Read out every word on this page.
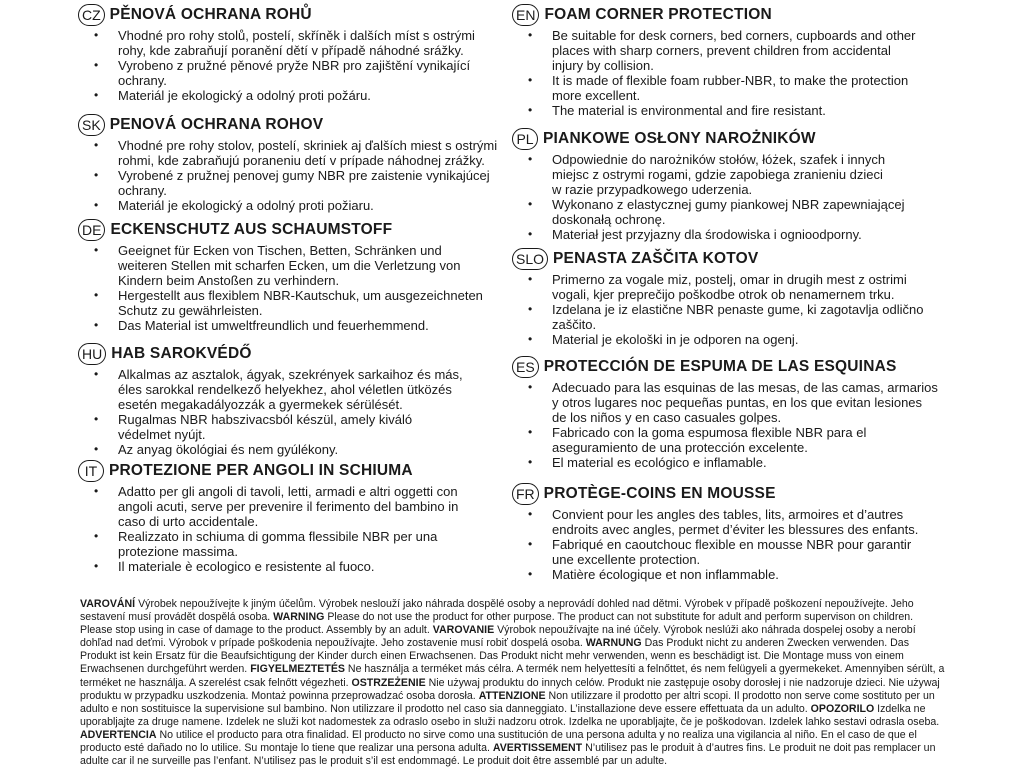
CZ PĚNOVÁ OCHRANA ROHŮ
• Vhodné pro rohy stolů, postelí, skříněk i dalších míst s ostrými
rohy, kde zabraňují poranění dětí v případě náhodné srážky.
• Vyrobeno z pružné pěnové pryže NBR pro zajištění vynikající
ochrany.
• Materiál je ekologický a odolný proti požáru.
SK PENOVÁ OCHRANA ROHOV
• Vhodné pre rohy stolov, postelí, skriniek aj ďalších miest s ostrými
rohmi, kde zabraňujú poraneniu detí v prípade náhodnej zrážky.
• Vyrobené z pružnej penovej gumy NBR pre zaistenie vynikajúcej
ochrany.
• Materiál je ekologický a odolný proti požiaru.
DE ECKENSCHUTZ AUS SCHAUMSTOFF
• Geeignet für Ecken von Tischen, Betten, Schränken und
weiteren Stellen mit scharfen Ecken, um die Verletzung von
Kindern beim Anstoßen zu verhindern.
• Hergestellt aus flexiblem NBR-Kautschuk, um ausgezeichneten
Schutz zu gewährleisten.
• Das Material ist umweltfreundlich und feuerhemmend.
HU HAB SAROKVÉDŐ
• Alkalmas az asztalok, ágyak, szekrények sarkaihoz és más,
éles sarokkal rendelkező helyekhez, ahol véletlen ütközés
esetén megakadályozzák a gyermekek sérülését.
• Rugalmas NBR habszivacsból készül, amely kiváló
védelmet nyújt.
• Az anyag ökológiai és nem gyúlékony.
IT PROTEZIONE PER ANGOLI IN SCHIUMA
• Adatto per gli angoli di tavoli, letti, armadi e altri oggetti con
angoli acuti, serve per prevenire il ferimento del bambino in
caso di urto accidentale.
• Realizzato in schiuma di gomma flessibile NBR per una
protezione massima.
• Il materiale è ecologico e resistente al fuoco.
EN FOAM CORNER PROTECTION
• Be suitable for desk corners, bed corners, cupboards and other
places with sharp corners, prevent children from accidental
injury by collision.
• It is made of flexible foam rubber-NBR, to make the protection
more excellent.
• The material is environmental and fire resistant.
PL PIANKOWE OSŁONY NAROŻNIKÓW
• Odpowiednie do narożników stołów, łóżek, szafek i innych
miejsc z ostrymi rogami, gdzie zapobiega zranieniu dzieci
w razie przypadkowego uderzenia.
• Wykonano z elastycznej gumy piankowej NBR zapewniającej
doskonałą ochronę.
• Materiał jest przyjazny dla środowiska i ognioodporny.
SLO PENASTA ZAŠČITA KOTOV
• Primerno za vogale miz, postelj, omar in drugih mest z ostrimi
vogali, kjer preprečijo poškodbe otrok ob nenamernem trku.
• Izdelana je iz elastične NBR penaste gume, ki zagotavlja odlično
zaščito.
• Material je ekološki in je odporen na ogenj.
ES PROTECCIÓN DE ESPUMA DE LAS ESQUINAS
• Adecuado para las esquinas de las mesas, de las camas, armarios
y otros lugares noc pequeñas puntas, en los que evitan lesiones
de los niños y en caso casuales golpes.
• Fabricado con la goma espumosa flexible NBR para el
aseguramiento de una protección excelente.
• El material es ecológico e inflamable.
FR PROTÈGE-COINS EN MOUSSE
• Convient pour les angles des tables, lits, armoires et d’autres
endroits avec angles, permet d’éviter les blessures des enfants.
• Fabriqué en caoutchouc flexible en mousse NBR pour garantir
une excellente protection.
• Matière écologique et non inflammable.
VAROVÁNÍ Výrobek nepoužívejte k jiným účelům. Výrobek neslouží jako náhrada dospělé osoby a neprovádí dohled nad dětmi. Výrobek v případě poškození nepoužívejte. Jeho sestavení musí provádět dospělá osoba. WARNING Please do not use the product for other purpose. The product can not substitute for adult and perform supervison on children. Please stop using in case of damage to the product. Assembly by an adult. VAROVANIE Výrobok nepoužívajte na iné účely. Výrobok neslúži ako náhrada dospelej osoby a nerobí dohľad nad deťmi. Výrobok v prípade poškodenia nepoužívajte. Jeho zostavenie musí robiť dospelá osoba. WARNUNG Das Produkt nicht zu anderen Zwecken verwenden. Das Produkt ist kein Ersatz für die Beaufsichtigung der Kinder durch einen Erwachsenen. Das Produkt nicht mehr verwenden, wenn es beschädigt ist. Die Montage muss von einem Erwachsenen durchgeführt werden. FIGYELMEZTETÉS Ne használja a terméket más célra. A termék nem helyettesíti a felnőttet, és nem felügyeli a gyermekeket. Amennyiben sérült, a terméket ne használja. A szerelést csak felnőtt végezheti. OSTRZEŻENIE Nie używaj produktu do innych celów. Produkt nie zastępuje osoby dorosłej i nie nadzoruje dzieci. Nie używaj produktu w przypadku uszkodzenia. Montaż powinna przeprowadzać osoba dorosła. ATTENZIONE Non utilizzare il prodotto per altri scopi. Il prodotto non serve come sostituto per un adulto e non sostituisce la supervisione sul bambino. Non utilizzare il prodotto nel caso sia danneggiato. L’installazione deve essere effettuata da un adulto. OPOZORILO Izdelka ne uporabljajte za druge namene. Izdelek ne služi kot nadomestek za odraslo osebo in služi nadzoru otrok. Izdelka ne uporabljajte, če je poškodovan. Izdelek lahko sestavi odrasla oseba. ADVERTENCIA No utilice el producto para otra finalidad. El producto no sirve como una sustitución de una persona adulta y no realiza una vigilancia al niño. En el caso de que el producto esté dañado no lo utilice. Su montaje lo tiene que realizar una persona adulta. AVERTISSEMENT N’utilisez pas le produit à d’autres fins. Le produit ne doit pas remplacer un adulte car il ne surveille pas l’enfant. N’utilisez pas le produit s’il est endommagé. Le produit doit être assemblé par un adulte.
